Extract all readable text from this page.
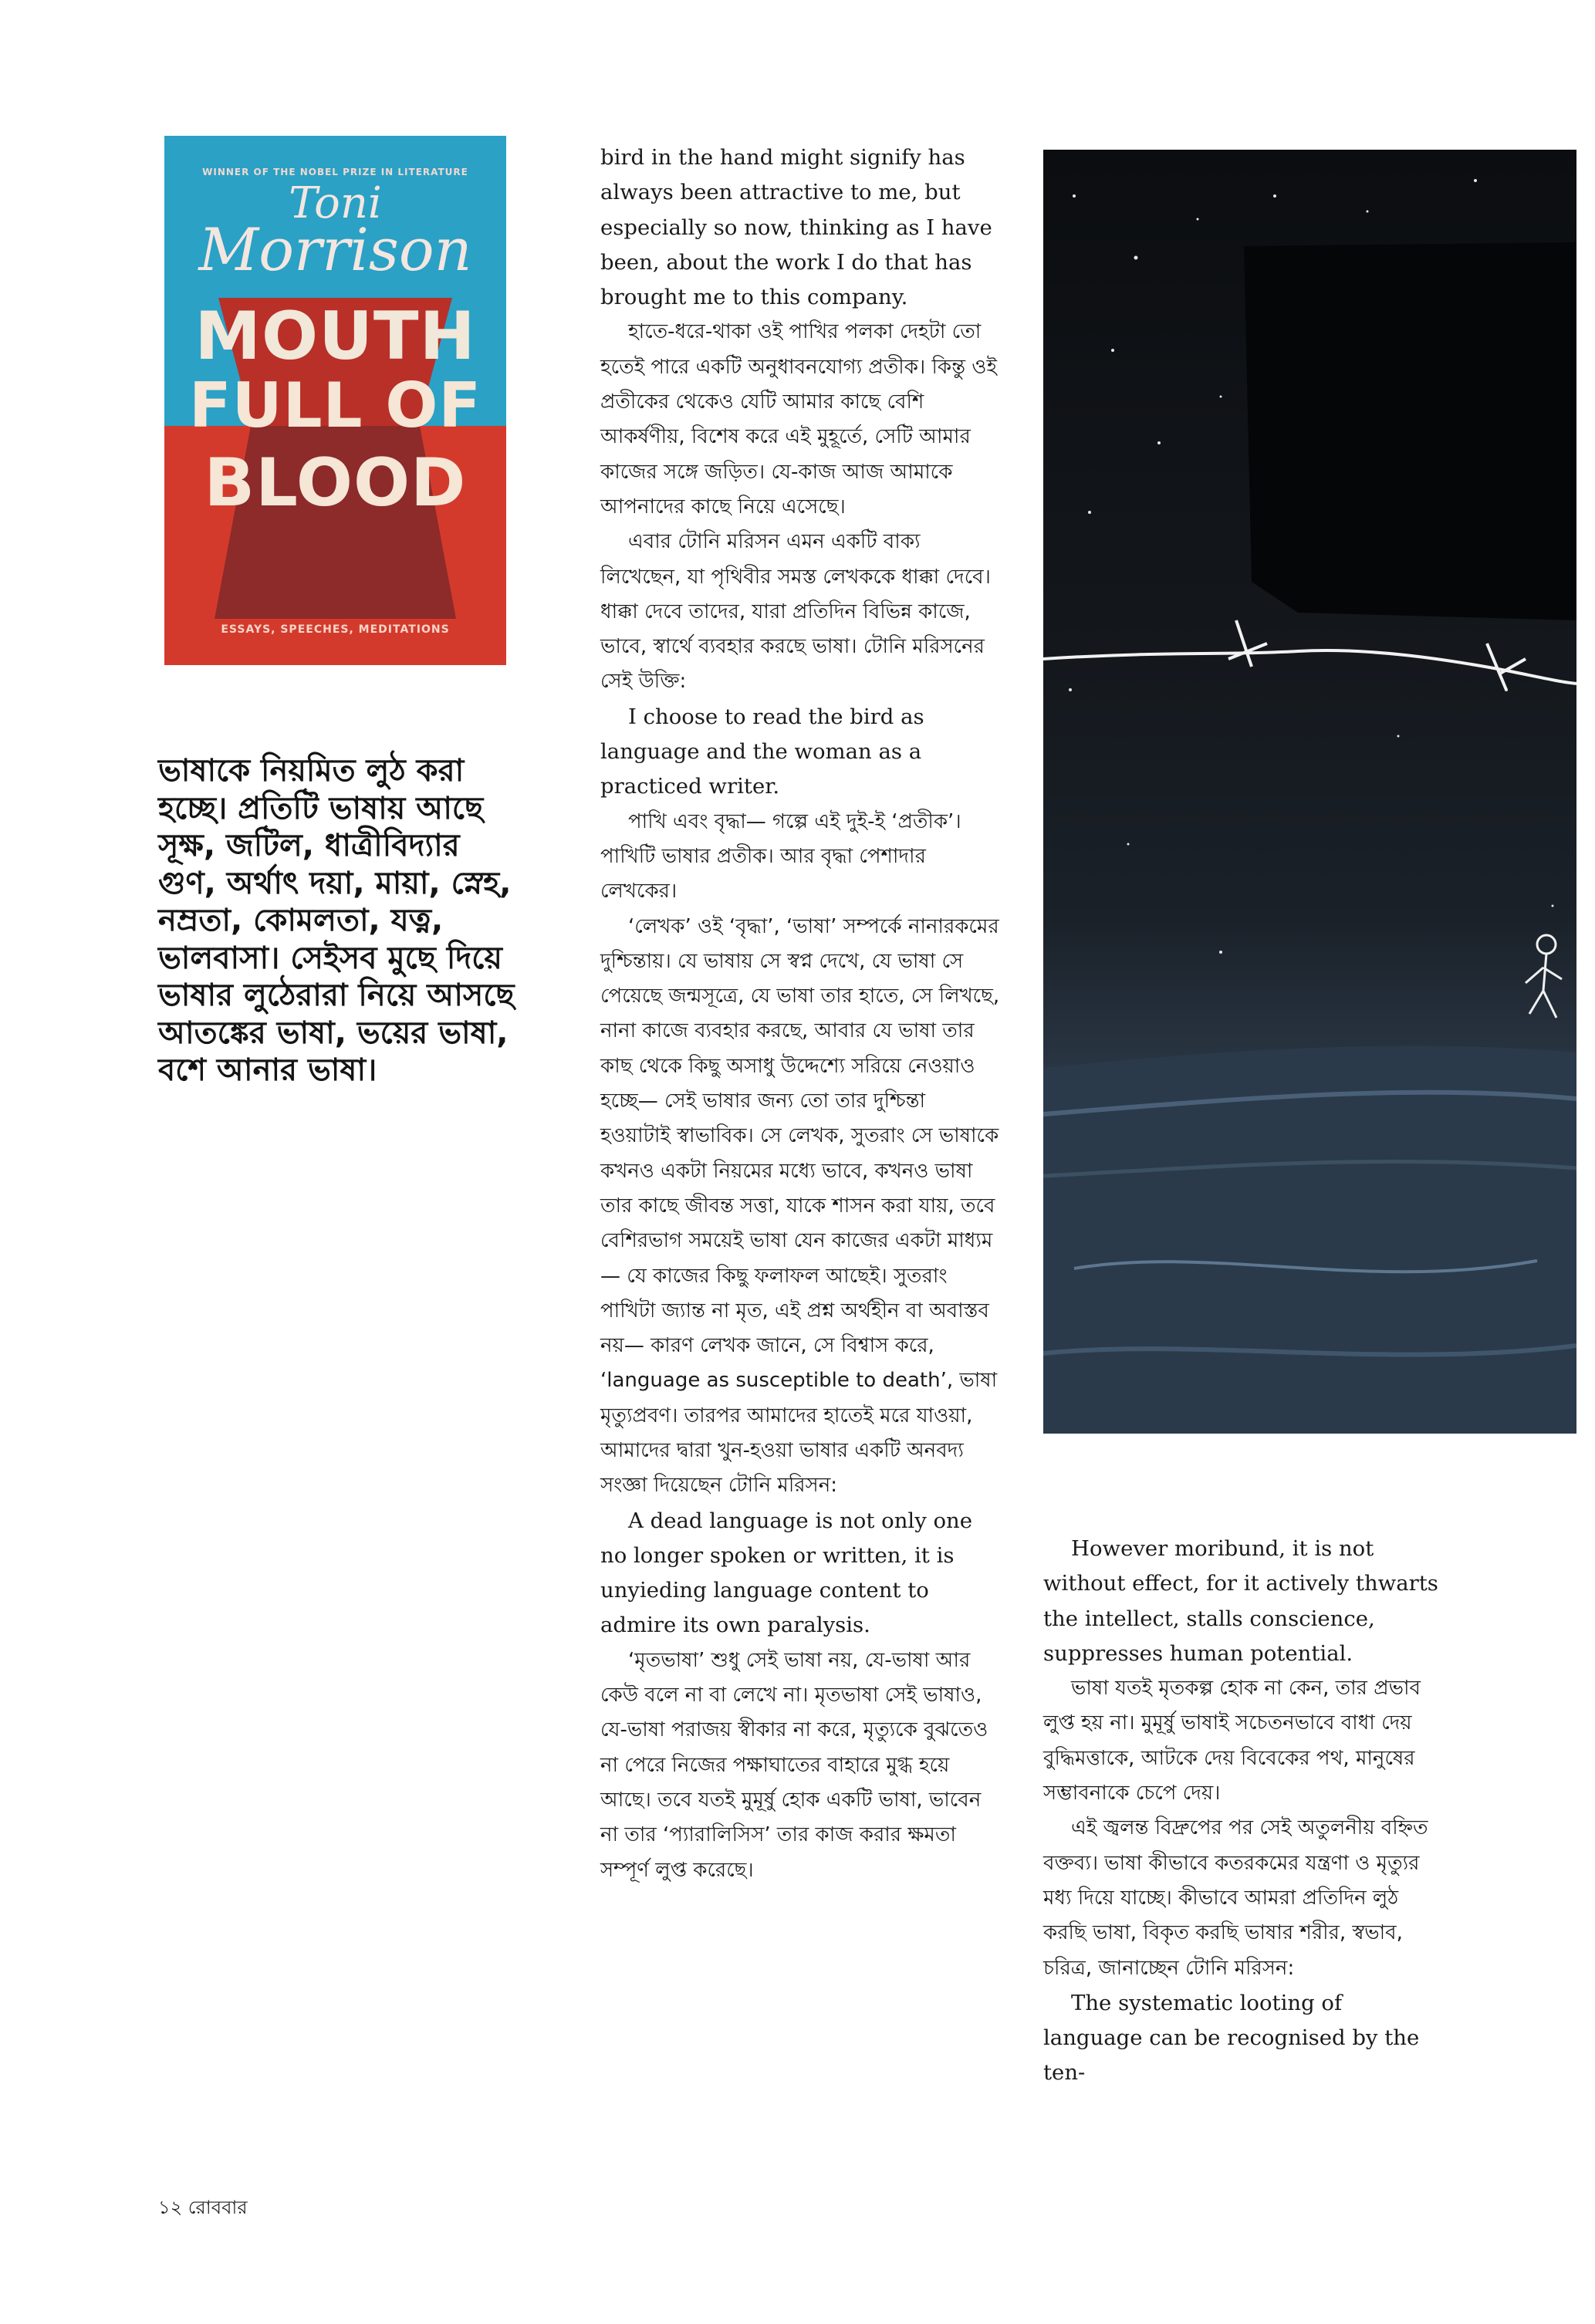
WINNER OF THE NOBEL PRIZE IN LITERATURE
Toni
Morrison
MOUTH
FULL OF
BLOOD
ESSAYS, SPEECHES, MEDITATIONS
ভাষাকে নিয়মিত লুঠ করা হচ্ছে। প্রতিটি ভাষায় আছে সূক্ষ, জটিল, ধাত্রীবিদ্যার গুণ, অর্থাৎ দয়া, মায়া, স্নেহ, নম্রতা, কোমলতা, যত্ন, ভালবাসা। সেইসব মুছে দিয়ে ভাষার লুঠেরারা নিয়ে আসছে আতঙ্কের ভাষা, ভয়ের ভাষা, বশে আনার ভাষা।

bird in the hand might signify has always been attractive to me, but especially so now, thinking as I have been, about the work I do that has brought me to this company.

হাতে-ধরে-থাকা ওই পাখির পলকা দেহটা তো হতেই পারে একটি অনুধাবনযোগ্য প্রতীক। কিন্তু ওই প্রতীকের থেকেও যেটি আমার কাছে বেশি আকর্ষণীয়, বিশেষ করে এই মুহূর্তে, সেটি আমার কাজের সঙ্গে জড়িত। যে-কাজ আজ আমাকে আপনাদের কাছে নিয়ে এসেছে।

এবার টোনি মরিসন এমন একটি বাক্য লিখেছেন, যা পৃথিবীর সমস্ত লেখককে ধাক্কা দেবে। ধাক্কা দেবে তাদের, যারা প্রতিদিন বিভিন্ন কাজে, ভাবে, স্বার্থে ব্যবহার করছে ভাষা। টোনি মরিসনের সেই উক্তি:

I choose to read the bird as language and the woman as a practiced writer.

পাখি এবং বৃদ্ধা— গল্পে এই দুই-ই ‘প্রতীক’। পাখিটি ভাষার প্রতীক। আর বৃদ্ধা পেশাদার লেখকের।

‘লেখক’ ওই ‘বৃদ্ধা’, ‘ভাষা’ সম্পর্কে নানারকমের দুশ্চিন্তায়। যে ভাষায় সে স্বপ্ন দেখে, যে ভাষা সে পেয়েছে জন্মসূত্রে, যে ভাষা তার হাতে, সে লিখছে, নানা কাজে ব্যবহার করছে, আবার যে ভাষা তার কাছ থেকে কিছু অসাধু উদ্দেশ্যে সরিয়ে নেওয়াও হচ্ছে— সেই ভাষার জন্য তো তার দুশ্চিন্তা হওয়াটাই স্বাভাবিক। সে লেখক, সুতরাং সে ভাষাকে কখনও একটা নিয়মের মধ্যে ভাবে, কখনও ভাষা তার কাছে জীবন্ত সত্তা, যাকে শাসন করা যায়, তবে বেশিরভাগ সময়েই ভাষা যেন কাজের একটা মাধ্যম— যে কাজের কিছু ফলাফল আছেই। সুতরাং পাখিটা জ্যান্ত না মৃত, এই প্রশ্ন অর্থহীন বা অবাস্তব নয়— কারণ লেখক জানে, সে বিশ্বাস করে, ‘language as susceptible to death’, ভাষা মৃত্যুপ্রবণ। তারপর আমাদের হাতেই মরে যাওয়া, আমাদের দ্বারা খুন-হওয়া ভাষার একটি অনবদ্য সংজ্ঞা দিয়েছেন টোনি মরিসন:

A dead language is not only one no longer spoken or written, it is unyieding language content to admire its own paralysis.

‘মৃতভাষা’ শুধু সেই ভাষা নয়, যে-ভাষা আর কেউ বলে না বা লেখে না। মৃতভাষা সেই ভাষাও, যে-ভাষা পরাজয় স্বীকার না করে, মৃত্যুকে বুঝতেও না পেরে নিজের পক্ষাঘাতের বাহারে মুগ্ধ হয়ে আছে। তবে যতই মুমূর্ষু হোক একটি ভাষা, ভাবেন না তার ‘প্যারালিসিস’ তার কাজ করার ক্ষমতা সম্পূর্ণ লুপ্ত করেছে।

However moribund, it is not without effect, for it actively thwarts the intellect, stalls conscience, suppresses human potential.

ভাষা যতই মৃতকল্প হোক না কেন, তার প্রভাব লুপ্ত হয় না। মুমূর্ষু ভাষাই সচেতনভাবে বাধা দেয় বুদ্ধিমত্তাকে, আটকে দেয় বিবেকের পথ, মানুষের সম্ভাবনাকে চেপে দেয়।

এই জ্বলন্ত বিদ্রুপের পর সেই অতুলনীয় বহ্নিত বক্তব্য। ভাষা কীভাবে কতরকমের যন্ত্রণা ও মৃত্যুর মধ্য দিয়ে যাচ্ছে। কীভাবে আমরা প্রতিদিন লুঠ করছি ভাষা, বিকৃত করছি ভাষার শরীর, স্বভাব, চরিত্র, জানাচ্ছেন টোনি মরিসন:

The systematic looting of language can be recognised by the ten-

১২ রোববার
